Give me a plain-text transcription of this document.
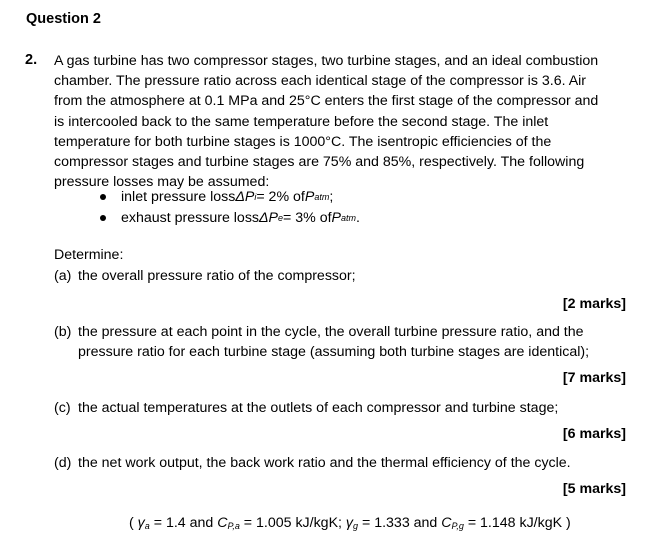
Question 2
2. A gas turbine has two compressor stages, two turbine stages, and an ideal combustion
chamber. The pressure ratio across each identical stage of the compressor is 3.6. Air
from the atmosphere at 0.1 MPa and 25°C enters the first stage of the compressor and
is intercooled back to the same temperature before the second stage. The inlet
temperature for both turbine stages is 1000°C. The isentropic efficiencies of the
compressor stages and turbine stages are 75% and 85%, respectively. The following
pressure losses may be assumed:
inlet pressure loss ΔP i = 2% of P atm ;
exhaust pressure loss ΔP e = 3% of P atm .
Determine:
(a) the overall pressure ratio of the compressor;
[2 marks]
(b) the pressure at each point in the cycle, the overall turbine pressure ratio, and the
pressure ratio for each turbine stage (assuming both turbine stages are identical);
[7 marks]
(c) the actual temperatures at the outlets of each compressor and turbine stage;
[6 marks]
(d) the net work output, the back work ratio and the thermal efficiency of the cycle.
[5 marks]
( $\gamma_a = 1.4$ and $C_{P,a} = 1.005$ kJ/kgK; $\gamma_g = 1.333$ and $C_{P,g} = 1.148$ kJ/kgK )
